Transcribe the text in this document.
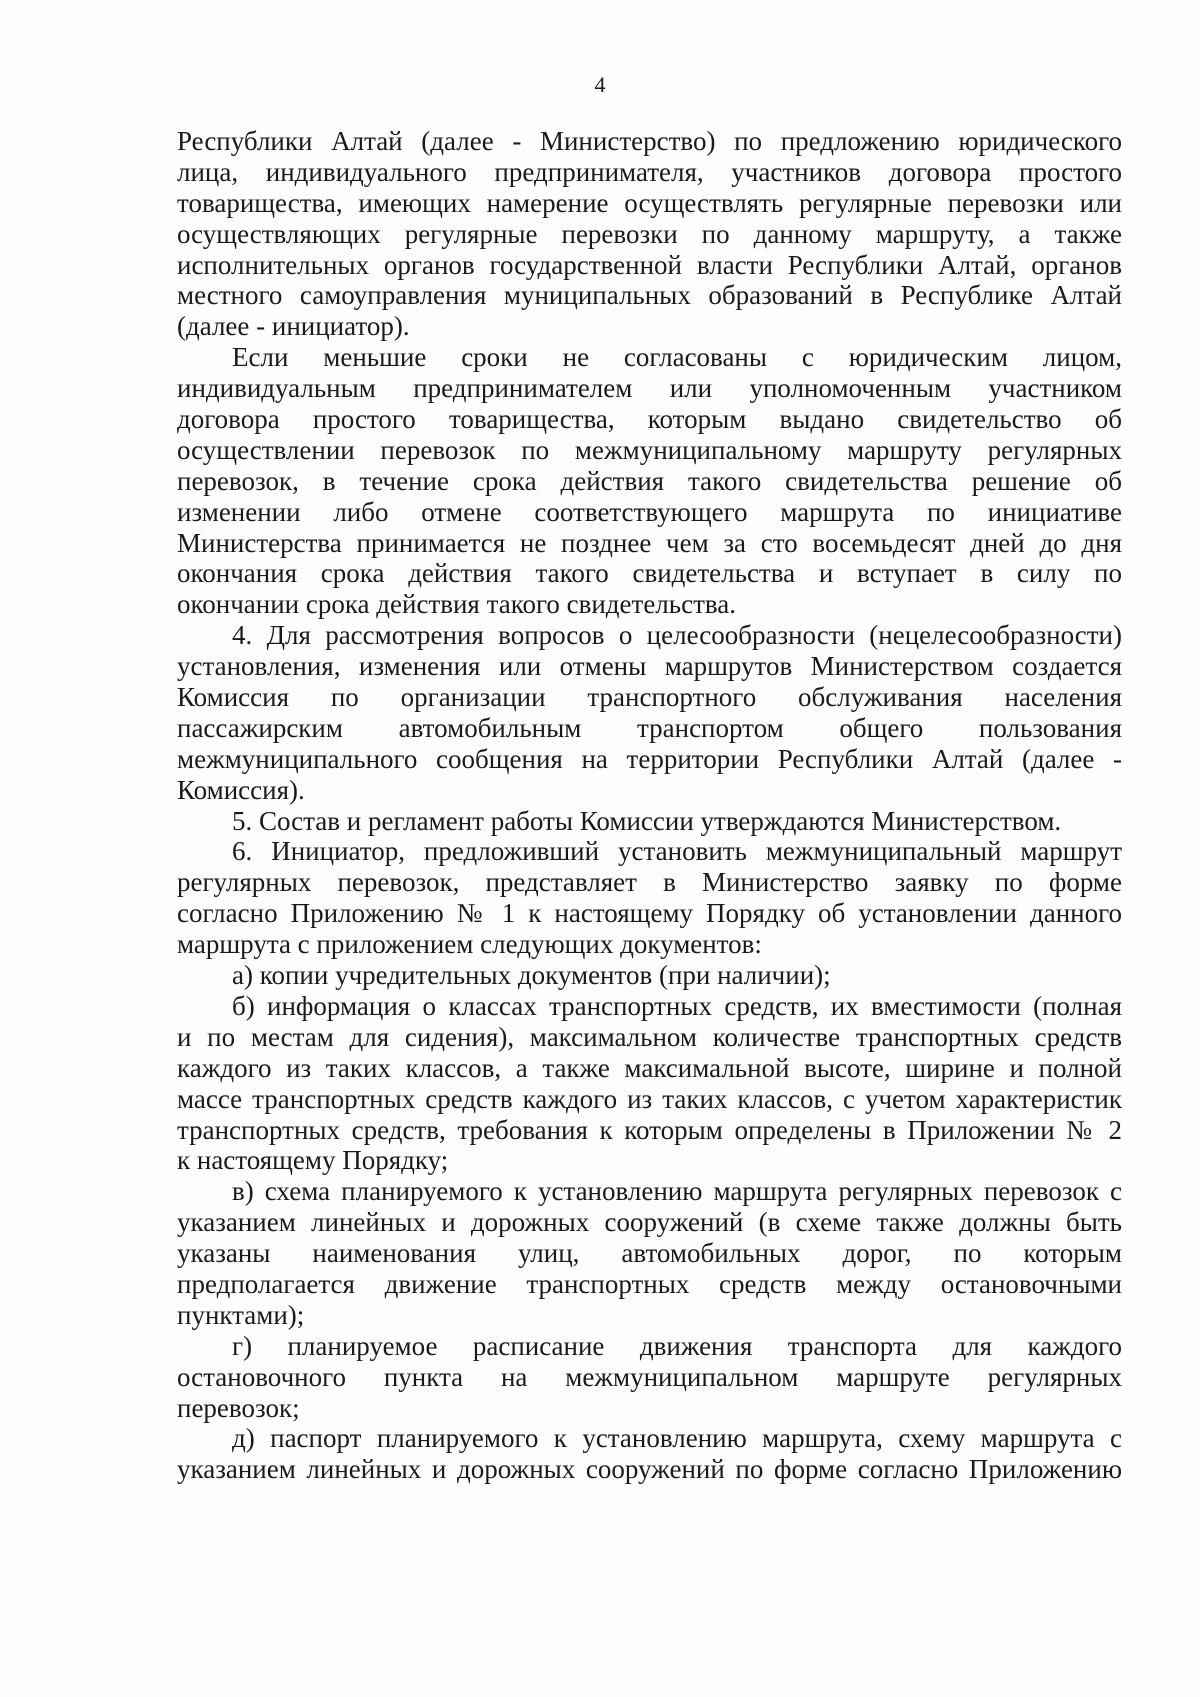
4
Республики Алтай (далее - Министерство) по предложению юридического
лица, индивидуального предпринимателя, участников договора простого
товарищества, имеющих намерение осуществлять регулярные перевозки или
осуществляющих регулярные перевозки по данному маршруту, а также
исполнительных органов государственной власти Республики Алтай, органов
местного самоуправления муниципальных образований в Республике Алтай
(далее - инициатор).
Если меньшие сроки не согласованы с юридическим лицом,
индивидуальным предпринимателем или уполномоченным участником
договора простого товарищества, которым выдано свидетельство об
осуществлении перевозок по межмуниципальному маршруту регулярных
перевозок, в течение срока действия такого свидетельства решение об
изменении либо отмене соответствующего маршрута по инициативе
Министерства принимается не позднее чем за сто восемьдесят дней до дня
окончания срока действия такого свидетельства и вступает в силу по
окончании срока действия такого свидетельства.
4. Для рассмотрения вопросов о целесообразности (нецелесообразности)
установления, изменения или отмены маршрутов Министерством создается
Комиссия по организации транспортного обслуживания населения
пассажирским автомобильным транспортом общего пользования
межмуниципального сообщения на территории Республики Алтай (далее -
Комиссия).
5. Состав и регламент работы Комиссии утверждаются Министерством.
6. Инициатор, предложивший установить межмуниципальный маршрут
регулярных перевозок, представляет в Министерство заявку по форме
согласно Приложению № 1 к настоящему Порядку об установлении данного
маршрута с приложением следующих документов:
а) копии учредительных документов (при наличии);
б) информация о классах транспортных средств, их вместимости (полная
и по местам для сидения), максимальном количестве транспортных средств
каждого из таких классов, а также максимальной высоте, ширине и полной
массе транспортных средств каждого из таких классов, с учетом характеристик
транспортных средств, требования к которым определены в Приложении № 2
к настоящему Порядку;
в) схема планируемого к установлению маршрута регулярных перевозок с
указанием линейных и дорожных сооружений (в схеме также должны быть
указаны наименования улиц, автомобильных дорог, по которым
предполагается движение транспортных средств между остановочными
пунктами);
г) планируемое расписание движения транспорта для каждого
остановочного пункта на межмуниципальном маршруте регулярных
перевозок;
д) паспорт планируемого к установлению маршрута, схему маршрута с
указанием линейных и дорожных сооружений по форме согласно Приложению
